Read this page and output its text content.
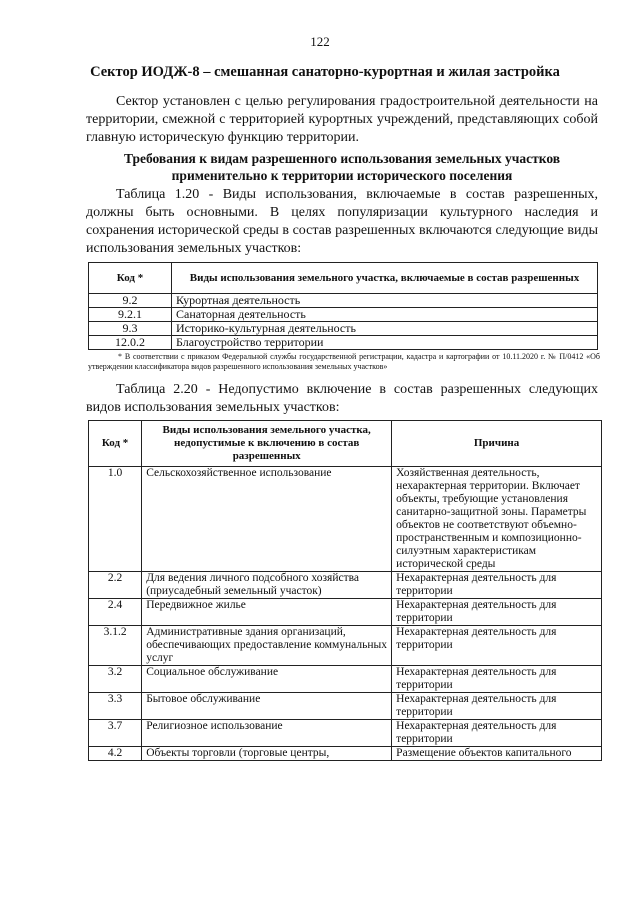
122
Сектор ИОДЖ-8 – смешанная санаторно-курортная и жилая застройка
Сектор установлен с целью регулирования градостроительной деятельности на территории, смежной с территорией курортных учреждений, представляющих собой главную историческую функцию территории.
Требования к видам разрешенного использования земельных участков применительно к территории исторического поселения
Таблица 1.20 - Виды использования, включаемые в состав разрешенных, должны быть основными. В целях популяризации культурного наследия и сохранения исторической среды в состав разрешенных включаются следующие виды использования земельных участков:
Код *	Виды использования земельного участка, включаемые в состав разрешенных
9.2	Курортная деятельность
9.2.1	Санаторная деятельность
9.3	Историко-культурная деятельность
12.0.2	Благоустройство территории
* В соответствии с приказом Федеральной службы государственной регистрации, кадастра и картографии от 10.11.2020 г. № П/0412 «Об утверждении классификатора видов разрешенного использования земельных участков»
Таблица 2.20 - Недопустимо включение в состав разрешенных следующих видов использования земельных участков:
Код *	Виды использования земельного участка, недопустимые к включению в состав разрешенных	Причина
1.0	Сельскохозяйственное использование	Хозяйственная деятельность, нехарактерная территории. Включает объекты, требующие установления санитарно-защитной зоны. Параметры объектов не соответствуют объемно-пространственным и композиционно-силуэтным характеристикам исторической среды
2.2	Для ведения личного подсобного хозяйства (приусадебный земельный участок)	Нехарактерная деятельность для территории
2.4	Передвижное жилье	Нехарактерная деятельность для территории
3.1.2	Административные здания организаций, обеспечивающих предоставление коммунальных услуг	Нехарактерная деятельность для территории
3.2	Социальное обслуживание	Нехарактерная деятельность для территории
3.3	Бытовое обслуживание	Нехарактерная деятельность для территории
3.7	Религиозное использование	Нехарактерная деятельность для территории
4.2	Объекты торговли (торговые центры,	Размещение объектов капитального
